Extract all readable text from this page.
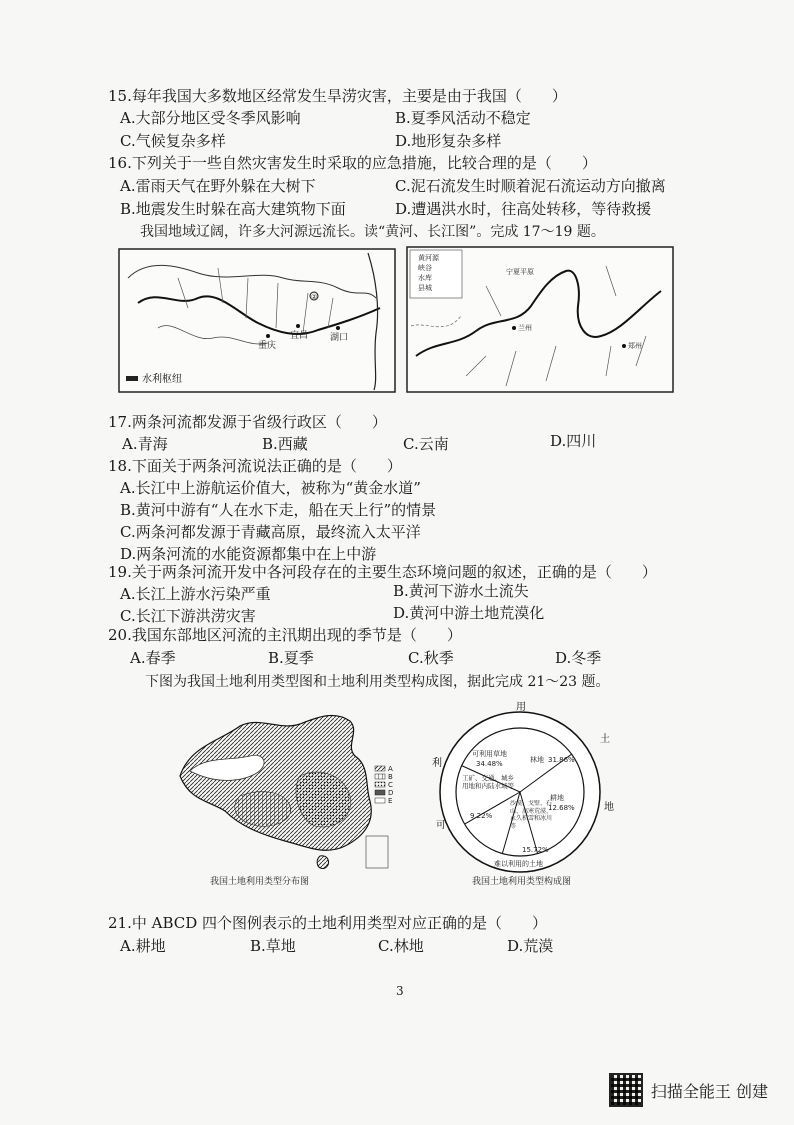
15.每年我国大多数地区经常发生旱涝灾害，主要是由于我国（　　）
A.大部分地区受冬季风影响	B.夏季风活动不稳定
C.气候复杂多样	D.地形复杂多样
16.下列关于一些自然灾害发生时采取的应急措施，比较合理的是（　　）
A.雷雨天气在野外躲在大树下	C.泥石流发生时顺着泥石流运动方向撤离
B.地震发生时躲在高大建筑物下面	D.遭遇洪水时，往高处转移，等待救援
我国地域辽阔，许多大河源远流长。读“黄河、长江图”。完成 17～19 题。
②
重庆
宜昌 湖口
水利枢纽
黄河源
峡谷
水库
县城
宁夏平原
兰州
郑州
17.两条河流都发源于省级行政区（　　）
A.青海	B.西藏	C.云南	D.四川
18.下面关于两条河流说法正确的是（　　）
A.长江中上游航运价值大，被称为“黄金水道”
B.黄河中游有“人在水下走，船在天上行”的情景
C.两条河都发源于青藏高原，最终流入太平洋
D.两条河流的水能资源都集中在上中游
19.关于两条河流开发中各河段存在的主要生态环境问题的叙述，正确的是（　　）
A.长江上游水污染严重	B.黄河下游水土流失
C.长江下游洪涝灾害	D.黄河中游土地荒漠化
20.我国东部地区河流的主汛期出现的季节是（　　）
A.春季	B.夏季	C.秋季	D.冬季
下图为我国土地利用类型图和土地利用类型构成图，据此完成 21～23 题。
A
B
C
D
E
我国土地利用类型分布图
用
利
土
地
可
难以利用的土地
可利用草地
34.48%	林地 31.86%
工矿、交通、城乡用地和内陆水域等
9.22%
耕地
12.68%
沙漠、戈壁、石山、高寒荒漠、永久积雪和冰川等
15.72%
我国土地利用类型构成图
21.中 ABCD 四个图例表示的土地利用类型对应正确的是（　　）
A.耕地	B.草地	C.林地	D.荒漠
3
扫描全能王 创建
